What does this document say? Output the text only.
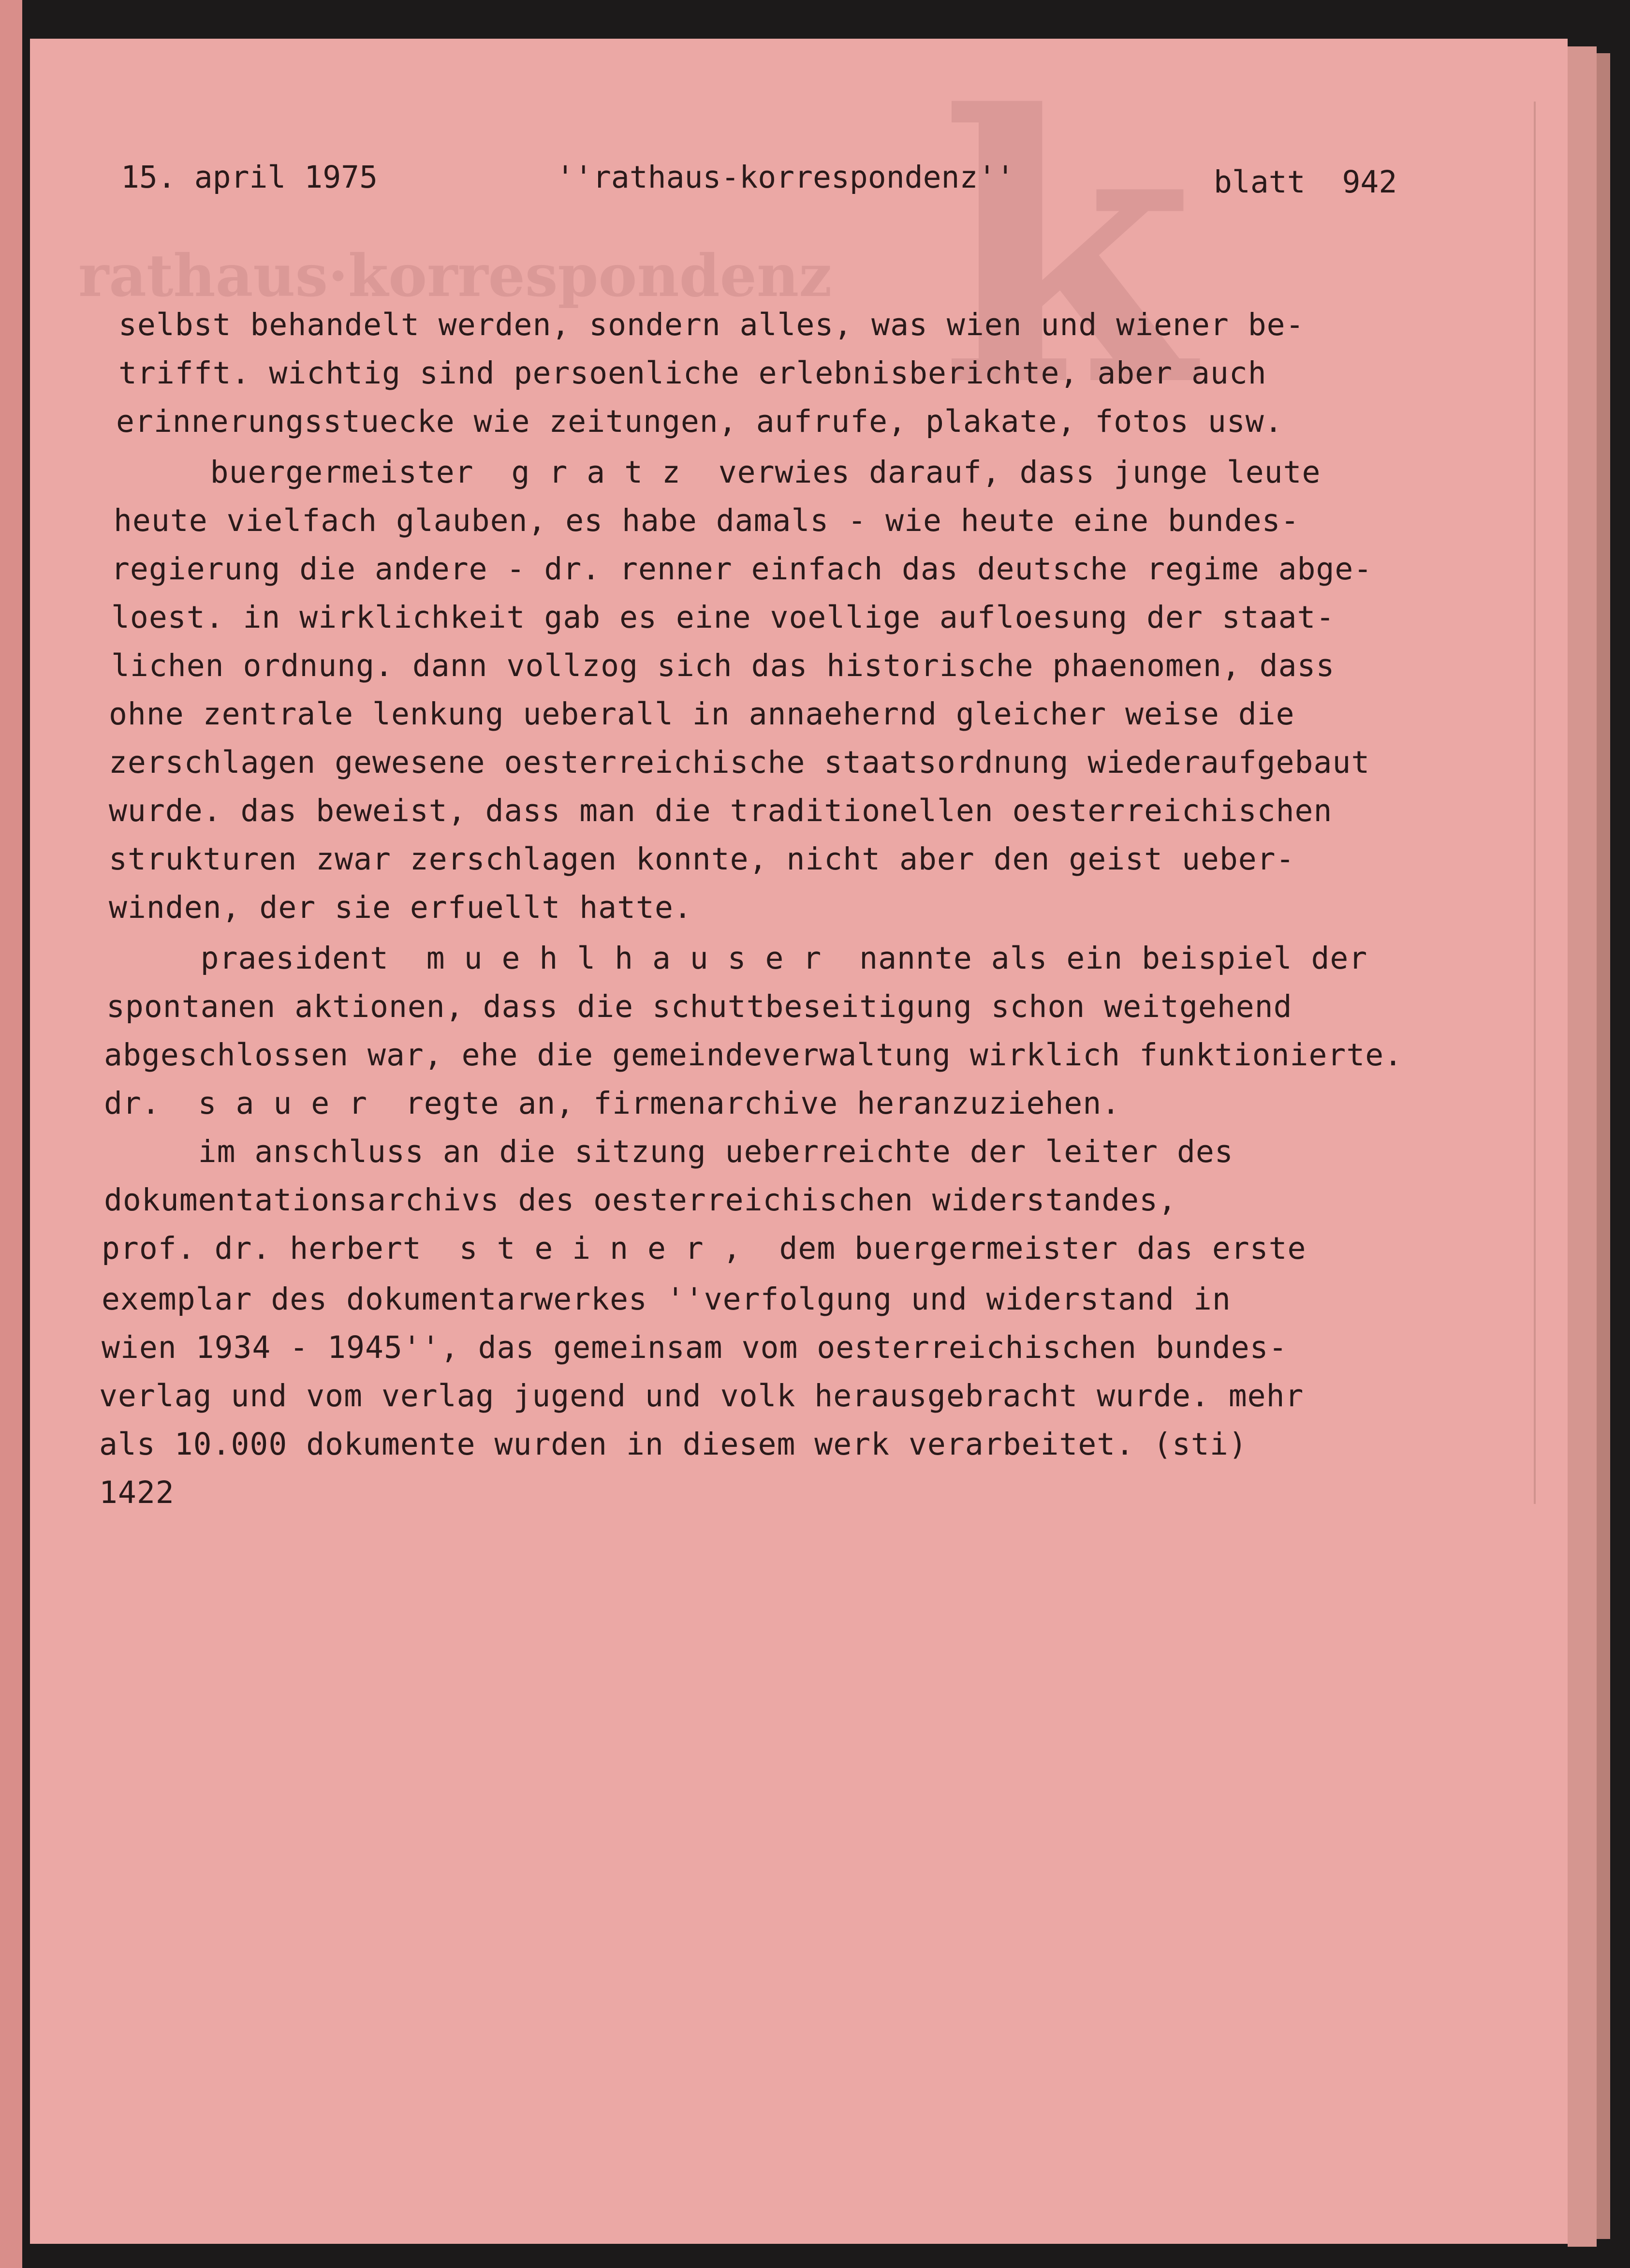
k
rathaus·korrespondenz
15. april 1975	''rathaus-korrespondenz''	blatt  942
selbst behandelt werden, sondern alles, was wien und wiener be-
trifft. wichtig sind persoenliche erlebnisberichte, aber auch
erinnerungsstuecke wie zeitungen, aufrufe, plakate, fotos usw.
buergermeister  g r a t z  verwies darauf, dass junge leute
heute vielfach glauben, es habe damals - wie heute eine bundes-
regierung die andere - dr. renner einfach das deutsche regime abge-
loest. in wirklichkeit gab es eine voellige aufloesung der staat-
lichen ordnung. dann vollzog sich das historische phaenomen, dass
ohne zentrale lenkung ueberall in annaehernd gleicher weise die
zerschlagen gewesene oesterreichische staatsordnung wiederaufgebaut
wurde. das beweist, dass man die traditionellen oesterreichischen
strukturen zwar zerschlagen konnte, nicht aber den geist ueber-
winden, der sie erfuellt hatte.
praesident  m u e h l h a u s e r  nannte als ein beispiel der
spontanen aktionen, dass die schuttbeseitigung schon weitgehend
abgeschlossen war, ehe die gemeindeverwaltung wirklich funktionierte.
dr.  s a u e r  regte an, firmenarchive heranzuziehen.
im anschluss an die sitzung ueberreichte der leiter des
dokumentationsarchivs des oesterreichischen widerstandes,
prof. dr. herbert  s t e i n e r ,  dem buergermeister das erste
exemplar des dokumentarwerkes ''verfolgung und widerstand in
wien 1934 - 1945'', das gemeinsam vom oesterreichischen bundes-
verlag und vom verlag jugend und volk herausgebracht wurde. mehr
als 10.000 dokumente wurden in diesem werk verarbeitet. (sti)
1422
